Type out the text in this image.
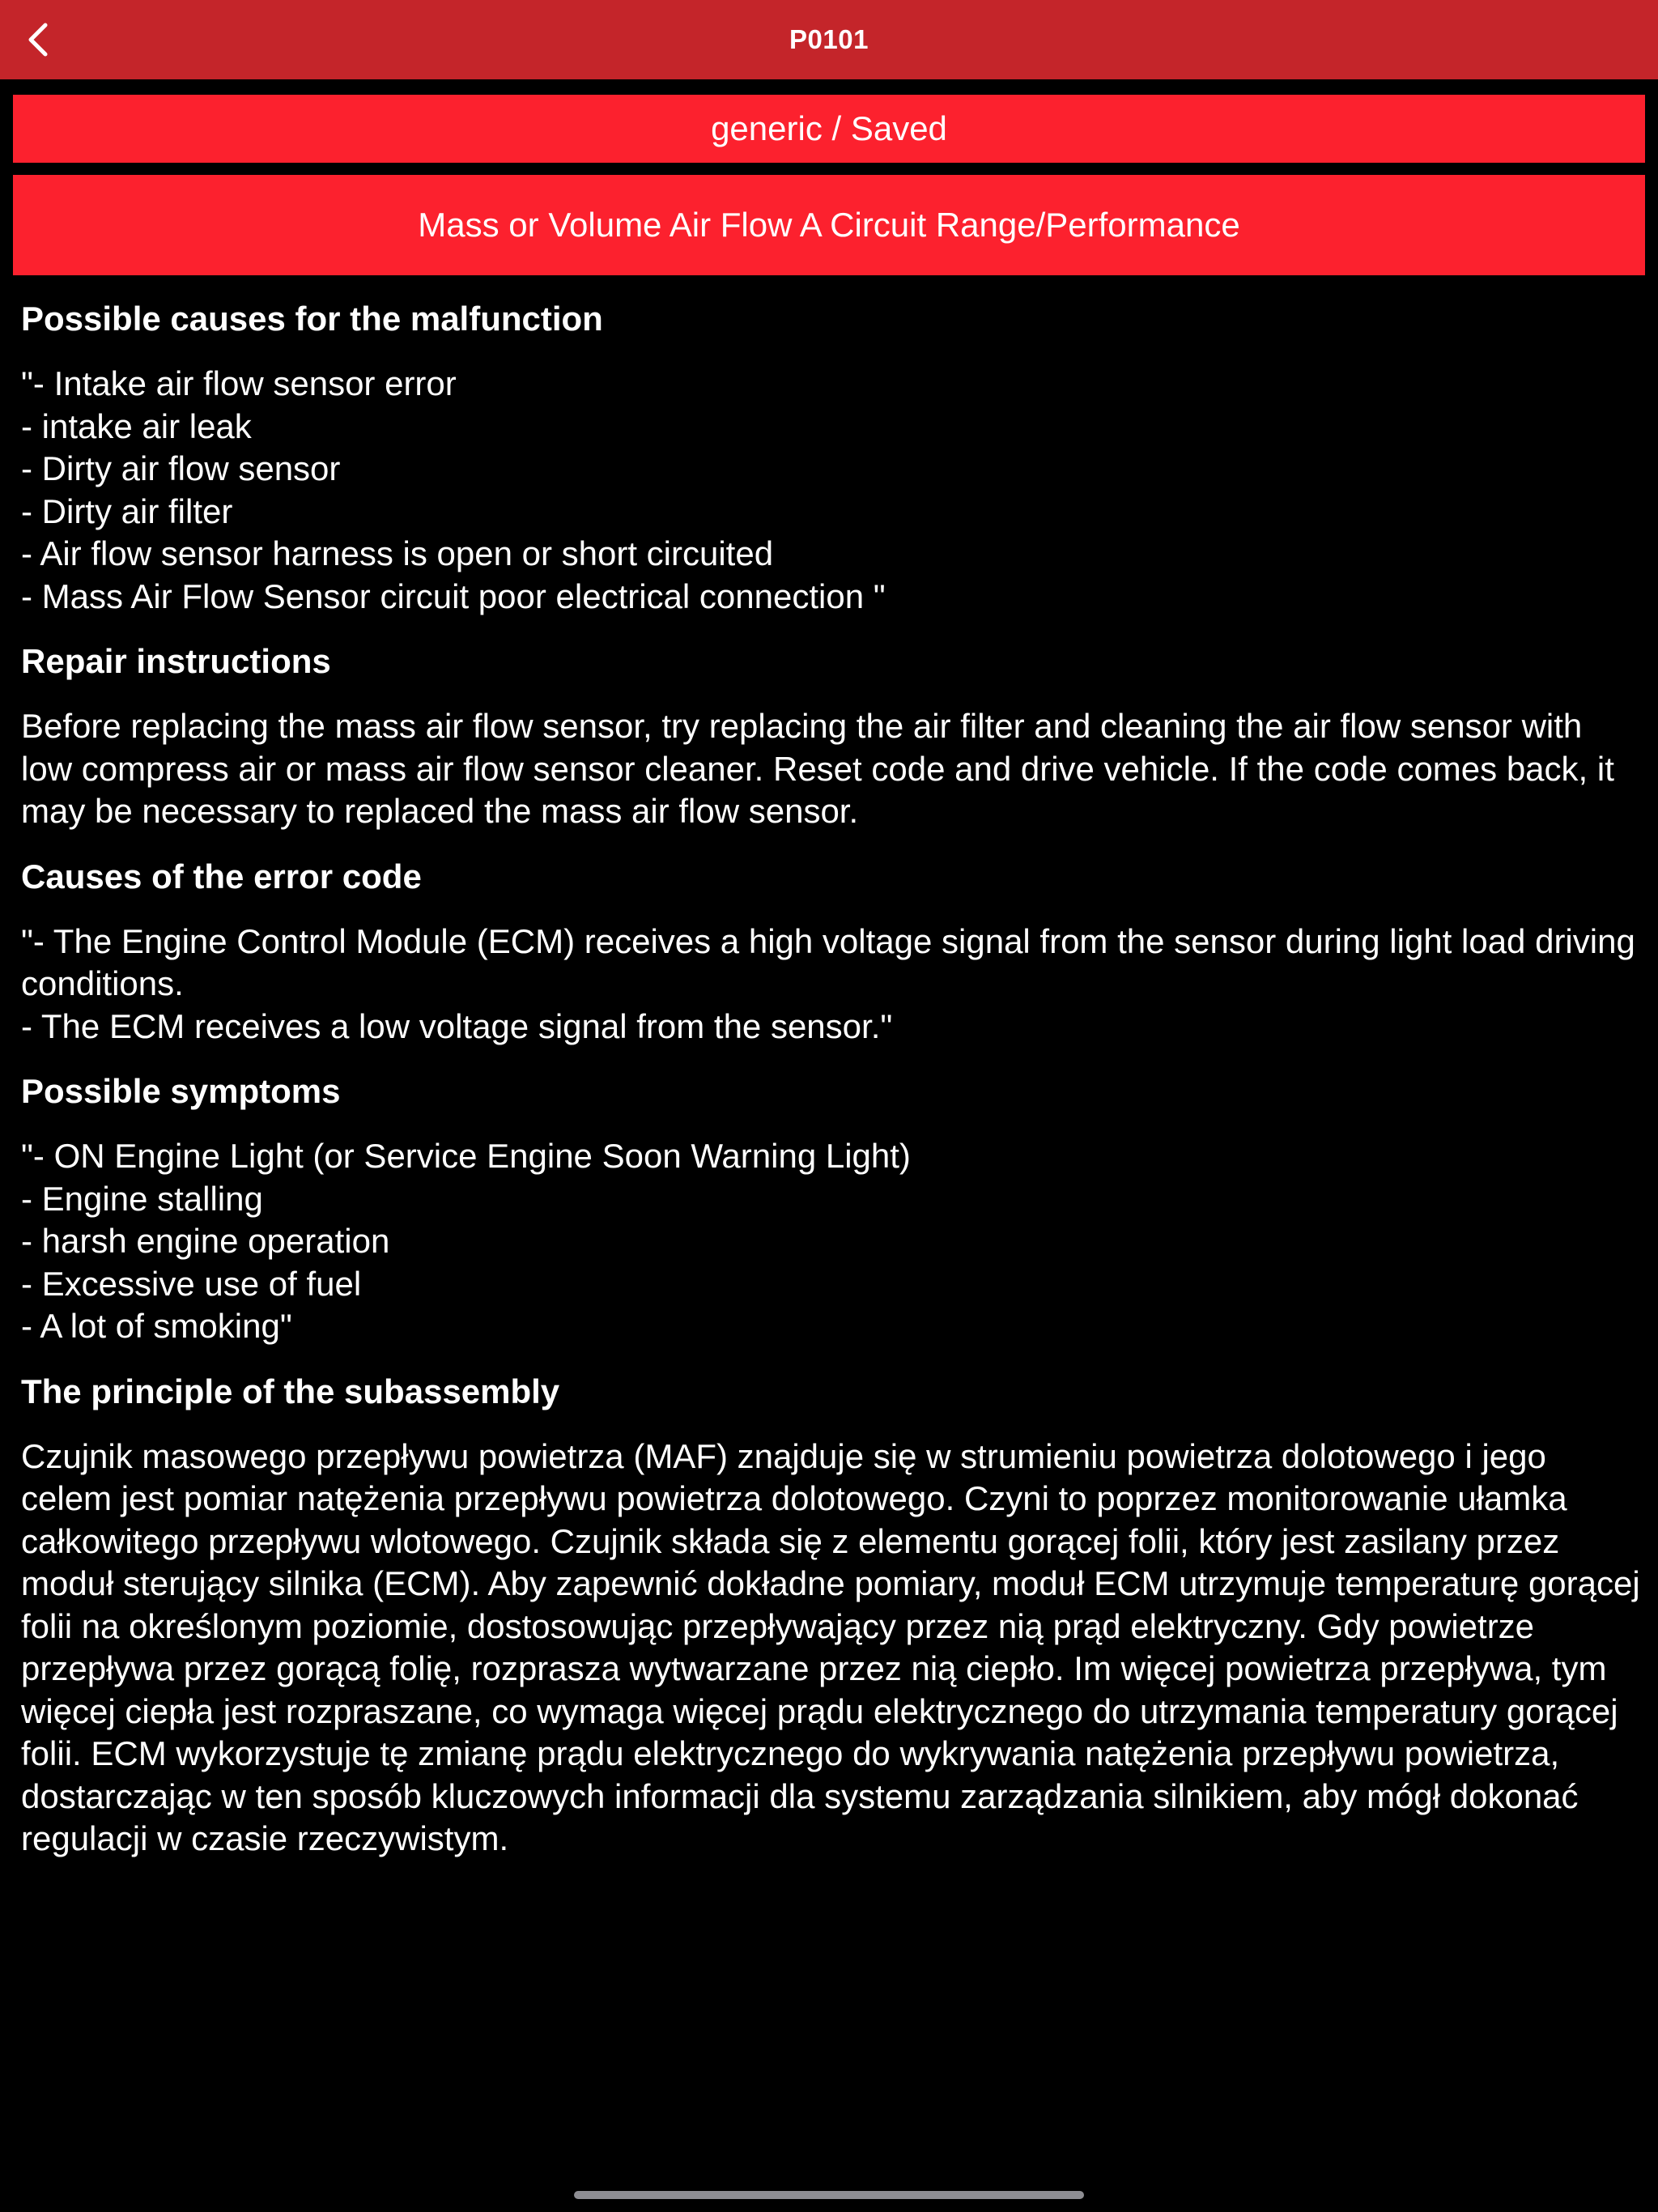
P0101
generic / Saved
Mass or Volume Air Flow A Circuit Range/Performance
Possible causes for the malfunction
"- Intake air flow sensor error
- intake air leak
- Dirty air flow sensor
- Dirty air filter
- Air flow sensor harness is open or short circuited
- Mass Air Flow Sensor circuit poor electrical connection "
Repair instructions
Before replacing the mass air flow sensor, try replacing the air filter and cleaning the air flow sensor with low compress air or mass air flow sensor cleaner. Reset code and drive vehicle. If the code comes back, it may be necessary to replaced the mass air flow sensor.
Causes of the error code
"- The Engine Control Module (ECM) receives a high voltage signal from the sensor during light load driving conditions.
- The ECM receives a low voltage signal from the sensor."
Possible symptoms
"- ON Engine Light (or Service Engine Soon Warning Light)
- Engine stalling
- harsh engine operation
- Excessive use of fuel
- A lot of smoking"
The principle of the subassembly
Czujnik masowego przepływu powietrza (MAF) znajduje się w strumieniu powietrza dolotowego i jego celem jest pomiar natężenia przepływu powietrza dolotowego. Czyni to poprzez monitorowanie ułamka całkowitego przepływu wlotowego. Czujnik składa się z elementu gorącej folii, który jest zasilany przez moduł sterujący silnika (ECM). Aby zapewnić dokładne pomiary, moduł ECM utrzymuje temperaturę gorącej folii na określonym poziomie, dostosowując przepływający przez nią prąd elektryczny. Gdy powietrze przepływa przez gorącą folię, rozprasza wytwarzane przez nią ciepło. Im więcej powietrza przepływa, tym więcej ciepła jest rozpraszane, co wymaga więcej prądu elektrycznego do utrzymania temperatury gorącej folii. ECM wykorzystuje tę zmianę prądu elektrycznego do wykrywania natężenia przepływu powietrza, dostarczając w ten sposób kluczowych informacji dla systemu zarządzania silnikiem, aby mógł dokonać regulacji w czasie rzeczywistym.
